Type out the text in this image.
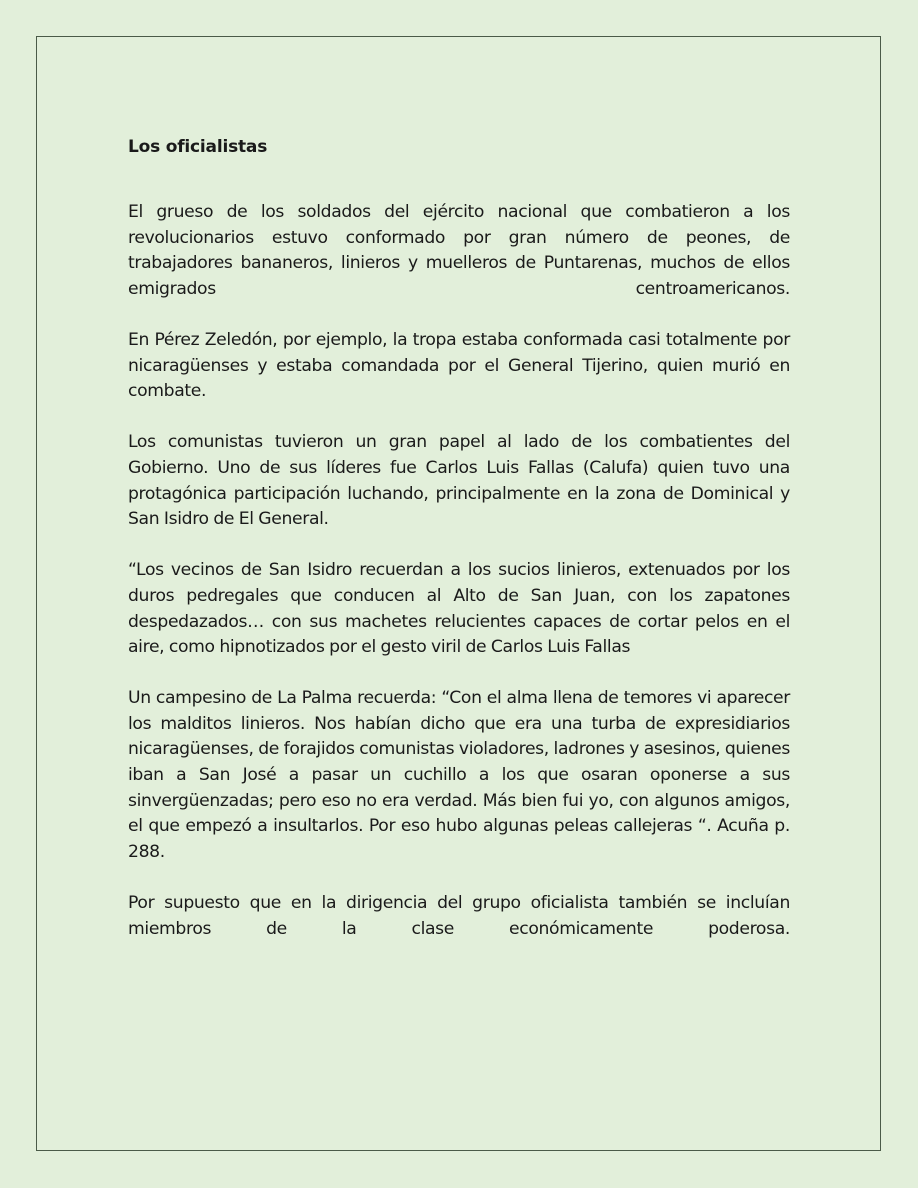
Los oficialistas

El grueso de los soldados del ejército nacional que combatieron a los revolucionarios estuvo conformado por gran número de peones, de trabajadores bananeros, linieros y muelleros de Puntarenas, muchos de ellos emigrados centroamericanos.

En Pérez Zeledón, por ejemplo, la tropa estaba conformada casi totalmente por nicaragüenses y estaba comandada por el General Tijerino, quien murió en combate.

Los comunistas tuvieron un gran papel al lado de los combatientes del Gobierno. Uno de sus líderes fue Carlos Luis Fallas (Calufa) quien tuvo una protagónica participación luchando, principalmente en la zona de Dominical y San Isidro de El General.

“Los vecinos de San Isidro recuerdan a los sucios linieros, extenuados por los duros pedregales que conducen al Alto de San Juan, con los zapatones despedazados… con sus machetes relucientes capaces de cortar pelos en el aire, como hipnotizados por el gesto viril de Carlos Luis Fallas

Un campesino de La Palma recuerda: “Con el alma llena de temores vi aparecer los malditos linieros. Nos habían dicho que era una turba de expresidiarios nicaragüenses, de forajidos comunistas violadores, ladrones y asesinos, quienes iban a San José a pasar un cuchillo a los que osaran oponerse a sus sinvergüenzadas; pero eso no era verdad. Más bien fui yo, con algunos amigos, el que empezó a insultarlos. Por eso hubo algunas peleas callejeras “. Acuña p. 288.

Por supuesto que en la dirigencia del grupo oficialista también se incluían miembros de la clase económicamente poderosa.
